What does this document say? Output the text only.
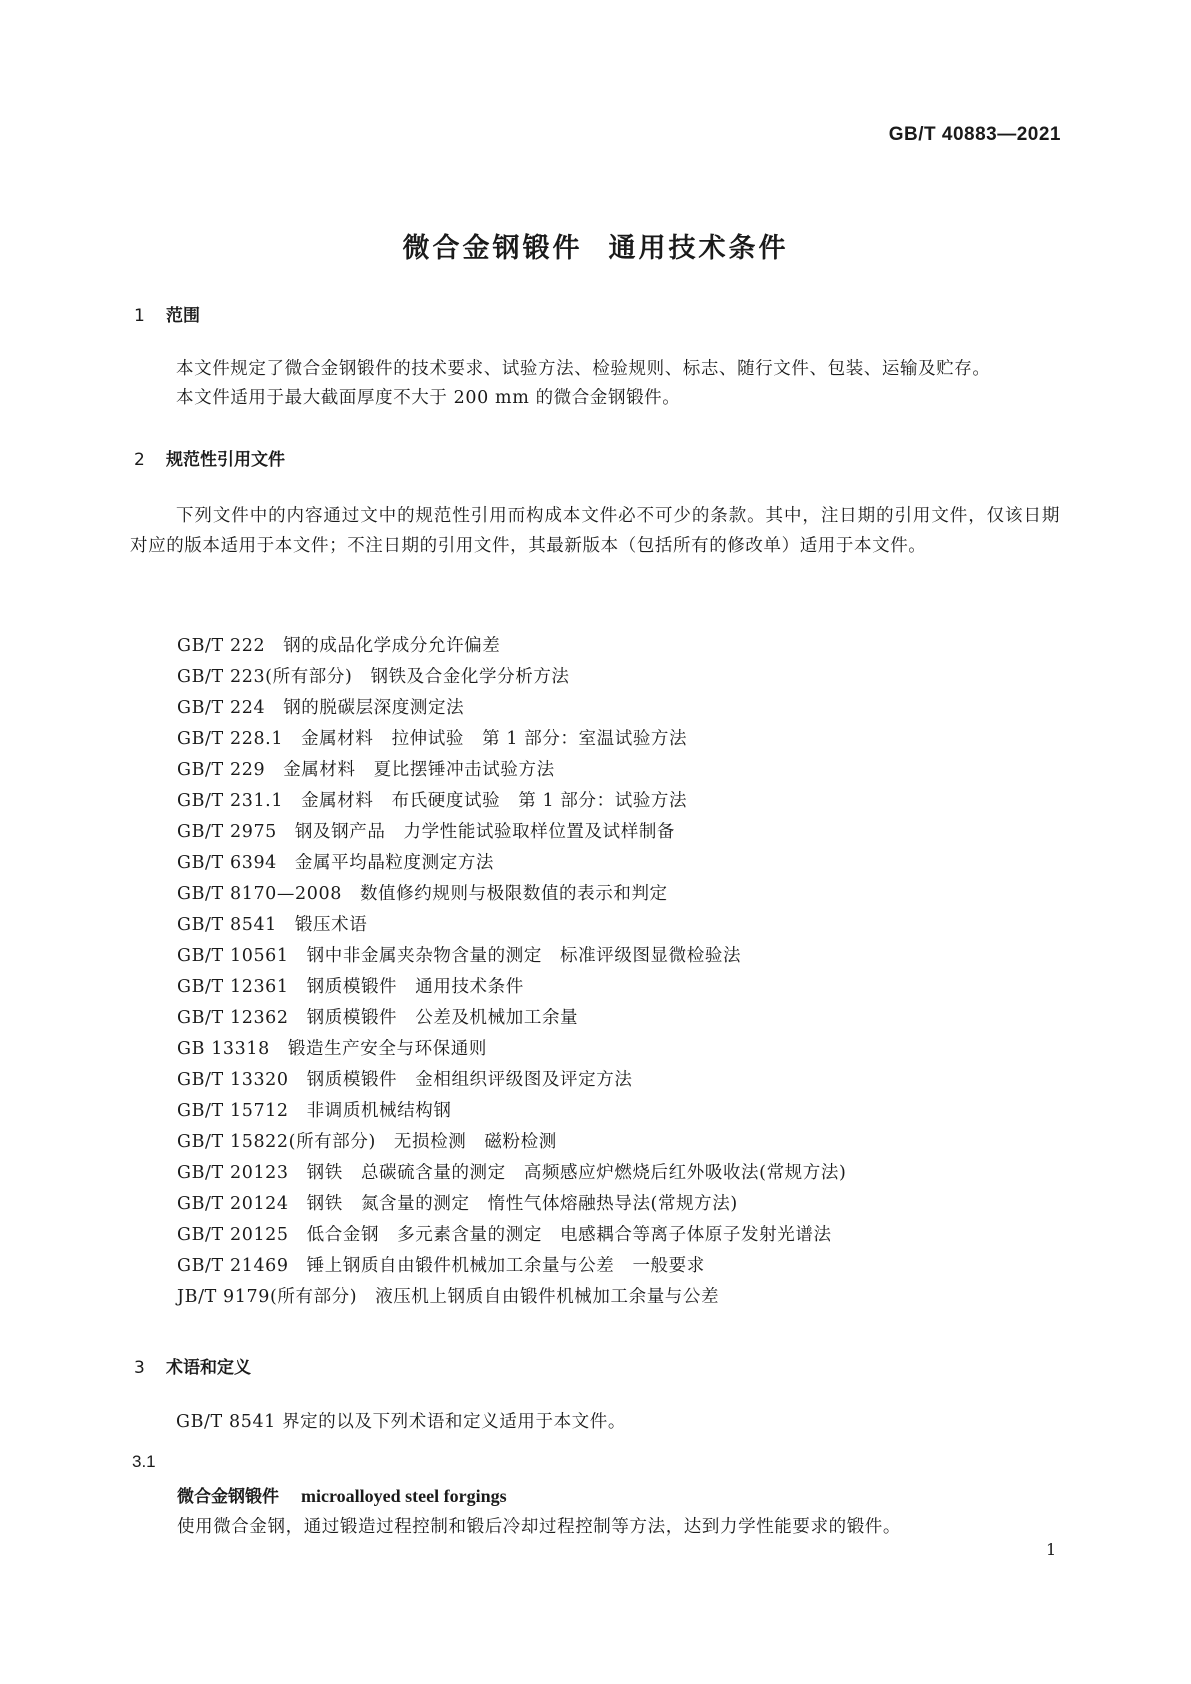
GB/T 40883—2021
微合金钢锻件 通用技术条件
1 范围
本文件规定了微合金钢锻件的技术要求、试验方法、检验规则、标志、随行文件、包装、运输及贮存。
本文件适用于最大截面厚度不大于 200 mm 的微合金钢锻件。
2 规范性引用文件
下列文件中的内容通过文中的规范性引用而构成本文件必不可少的条款。其中，注日期的引用文件，仅该日期对应的版本适用于本文件；不注日期的引用文件，其最新版本（包括所有的修改单）适用于本文件。
GB/T 222 钢的成品化学成分允许偏差
GB/T 223(所有部分) 钢铁及合金化学分析方法
GB/T 224 钢的脱碳层深度测定法
GB/T 228.1 金属材料　拉伸试验　第 1 部分：室温试验方法
GB/T 229 金属材料　夏比摆锤冲击试验方法
GB/T 231.1 金属材料　布氏硬度试验　第 1 部分：试验方法
GB/T 2975 钢及钢产品　力学性能试验取样位置及试样制备
GB/T 6394 金属平均晶粒度测定方法
GB/T 8170—2008 数值修约规则与极限数值的表示和判定
GB/T 8541 锻压术语
GB/T 10561 钢中非金属夹杂物含量的测定　标准评级图显微检验法
GB/T 12361 钢质模锻件　通用技术条件
GB/T 12362 钢质模锻件　公差及机械加工余量
GB 13318 锻造生产安全与环保通则
GB/T 13320 钢质模锻件　金相组织评级图及评定方法
GB/T 15712 非调质机械结构钢
GB/T 15822(所有部分) 无损检测　磁粉检测
GB/T 20123 钢铁　总碳硫含量的测定　高频感应炉燃烧后红外吸收法(常规方法)
GB/T 20124 钢铁　氮含量的测定　惰性气体熔融热导法(常规方法)
GB/T 20125 低合金钢　多元素含量的测定　电感耦合等离子体原子发射光谱法
GB/T 21469 锤上钢质自由锻件机械加工余量与公差　一般要求
JB/T 9179(所有部分) 液压机上钢质自由锻件机械加工余量与公差
3 术语和定义
GB/T 8541 界定的以及下列术语和定义适用于本文件。
3.1
微合金钢锻件 microalloyed steel forgings
使用微合金钢，通过锻造过程控制和锻后冷却过程控制等方法，达到力学性能要求的锻件。
1
